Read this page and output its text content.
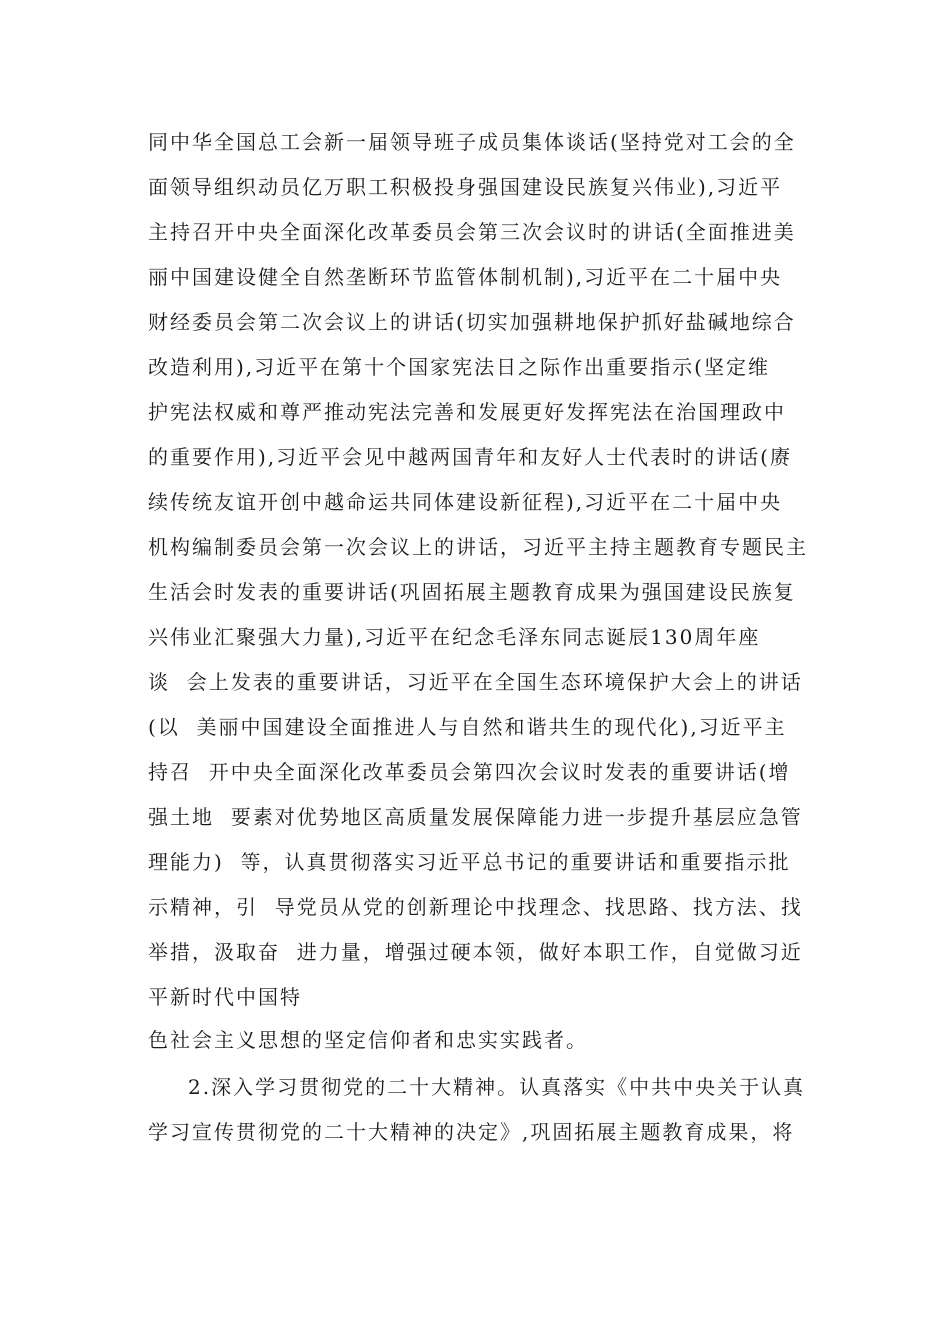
同中华全国总工会新一届领导班子成员集体谈话(坚持党对工会的全
面领导组织动员亿万职工积极投身强国建设民族复兴伟业),习近平
主持召开中央全面深化改革委员会第三次会议时的讲话(全面推进美
丽中国建设健全自然垄断环节监管体制机制),习近平在二十届中央
财经委员会第二次会议上的讲话(切实加强耕地保护抓好盐碱地综合
改造利用),习近平在第十个国家宪法日之际作出重要指示(坚定维
护宪法权威和尊严推动宪法完善和发展更好发挥宪法在治国理政中
的重要作用),习近平会见中越两国青年和友好人士代表时的讲话(赓
续传统友谊开创中越命运共同体建设新征程),习近平在二十届中央
机构编制委员会第一次会议上的讲话，习近平主持主题教育专题民主
生活会时发表的重要讲话(巩固拓展主题教育成果为强国建设民族复
兴伟业汇聚强大力量),习近平在纪念毛泽东同志诞辰130周年座
谈  会上发表的重要讲话，习近平在全国生态环境保护大会上的讲话
(以  美丽中国建设全面推进人与自然和谐共生的现代化),习近平主
持召  开中央全面深化改革委员会第四次会议时发表的重要讲话(增
强土地  要素对优势地区高质量发展保障能力进一步提升基层应急管
理能力)  等，认真贯彻落实习近平总书记的重要讲话和重要指示批
示精神，引  导党员从党的创新理论中找理念、找思路、找方法、找
举措，汲取奋  进力量，增强过硬本领，做好本职工作，自觉做习近
平新时代中国特
色社会主义思想的坚定信仰者和忠实实践者。
2.深入学习贯彻党的二十大精神。认真落实《中共中央关于认真
学习宣传贯彻党的二十大精神的决定》,巩固拓展主题教育成果，将
